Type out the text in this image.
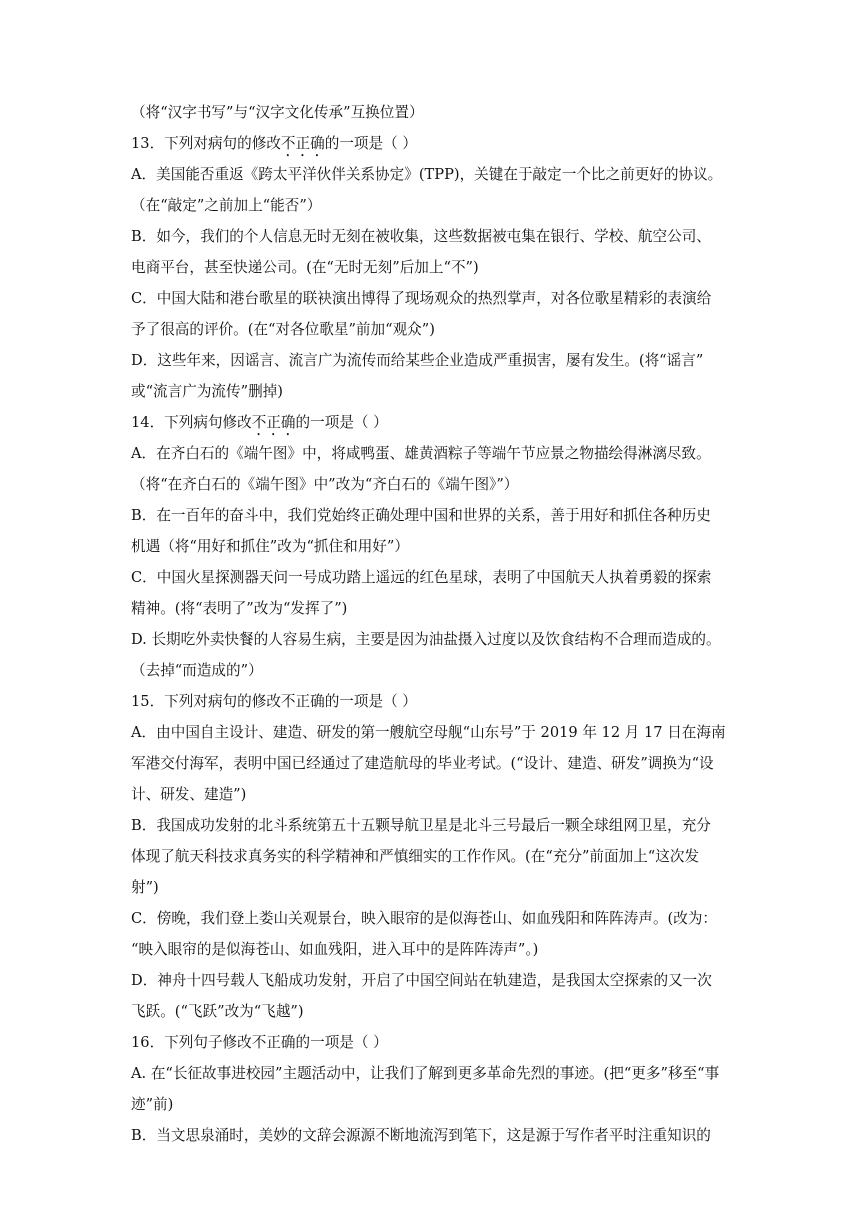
（将“汉字书写”与“汉字文化传承”互换位置）
13．下列对病句的修改不正确的一项是（ ）
A．美国能否重返《跨太平洋伙伴关系协定》(TPP)，关键在于敲定一个比之前更好的协议。
（在“敲定”之前加上“能否”）
B．如今，我们的个人信息无时无刻在被收集，这些数据被屯集在银行、学校、航空公司、
电商平台，甚至快递公司。(在“无时无刻”后加上“不”)
C．中国大陆和港台歌星的联袂演出博得了现场观众的热烈掌声，对各位歌星精彩的表演给
予了很高的评价。(在“对各位歌星”前加“观众”)
D．这些年来，因谣言、流言广为流传而给某些企业造成严重损害，屡有发生。(将“谣言”
或“流言广为流传”删掉)
14．下列病句修改不正确的一项是（ ）
A．在齐白石的《端午图》中，将咸鸭蛋、雄黄酒粽子等端午节应景之物描绘得淋漓尽致。
（将“在齐白石的《端午图》中”改为“齐白石的《端午图》”）
B．在一百年的奋斗中，我们党始终正确处理中国和世界的关系，善于用好和抓住各种历史
机遇（将“用好和抓住”改为“抓住和用好”）
C．中国火星探测器天问一号成功踏上遥远的红色星球，表明了中国航天人执着勇毅的探索
精神。(将“表明了”改为“发挥了”)
D. 长期吃外卖快餐的人容易生病，主要是因为油盐摄入过度以及饮食结构不合理而造成的。
（去掉“而造成的”）
15．下列对病句的修改不正确的一项是（ ）
A．由中国自主设计、建造、研发的第一艘航空母舰“山东号”于 2019 年 12 月 17 日在海南
军港交付海军，表明中国已经通过了建造航母的毕业考试。(“设计、建造、研发”调换为“设
计、研发、建造”)
B．我国成功发射的北斗系统第五十五颗导航卫星是北斗三号最后一颗全球组网卫星，充分
体现了航天科技求真务实的科学精神和严慎细实的工作作风。(在“充分”前面加上“这次发
射”)
C．傍晚，我们登上娄山关观景台，映入眼帘的是似海苍山、如血残阳和阵阵涛声。(改为：
“映入眼帘的是似海苍山、如血残阳，进入耳中的是阵阵涛声”。)
D．神舟十四号载人飞船成功发射，开启了中国空间站在轨建造，是我国太空探索的又一次
飞跃。(“飞跃”改为“飞越”)
16．下列句子修改不正确的一项是（ ）
A. 在“长征故事进校园”主题活动中，让我们了解到更多革命先烈的事迹。(把“更多”移至“事
迹”前)
B．当文思泉涌时，美妙的文辞会源源不断地流泻到笔下，这是源于写作者平时注重知识的
